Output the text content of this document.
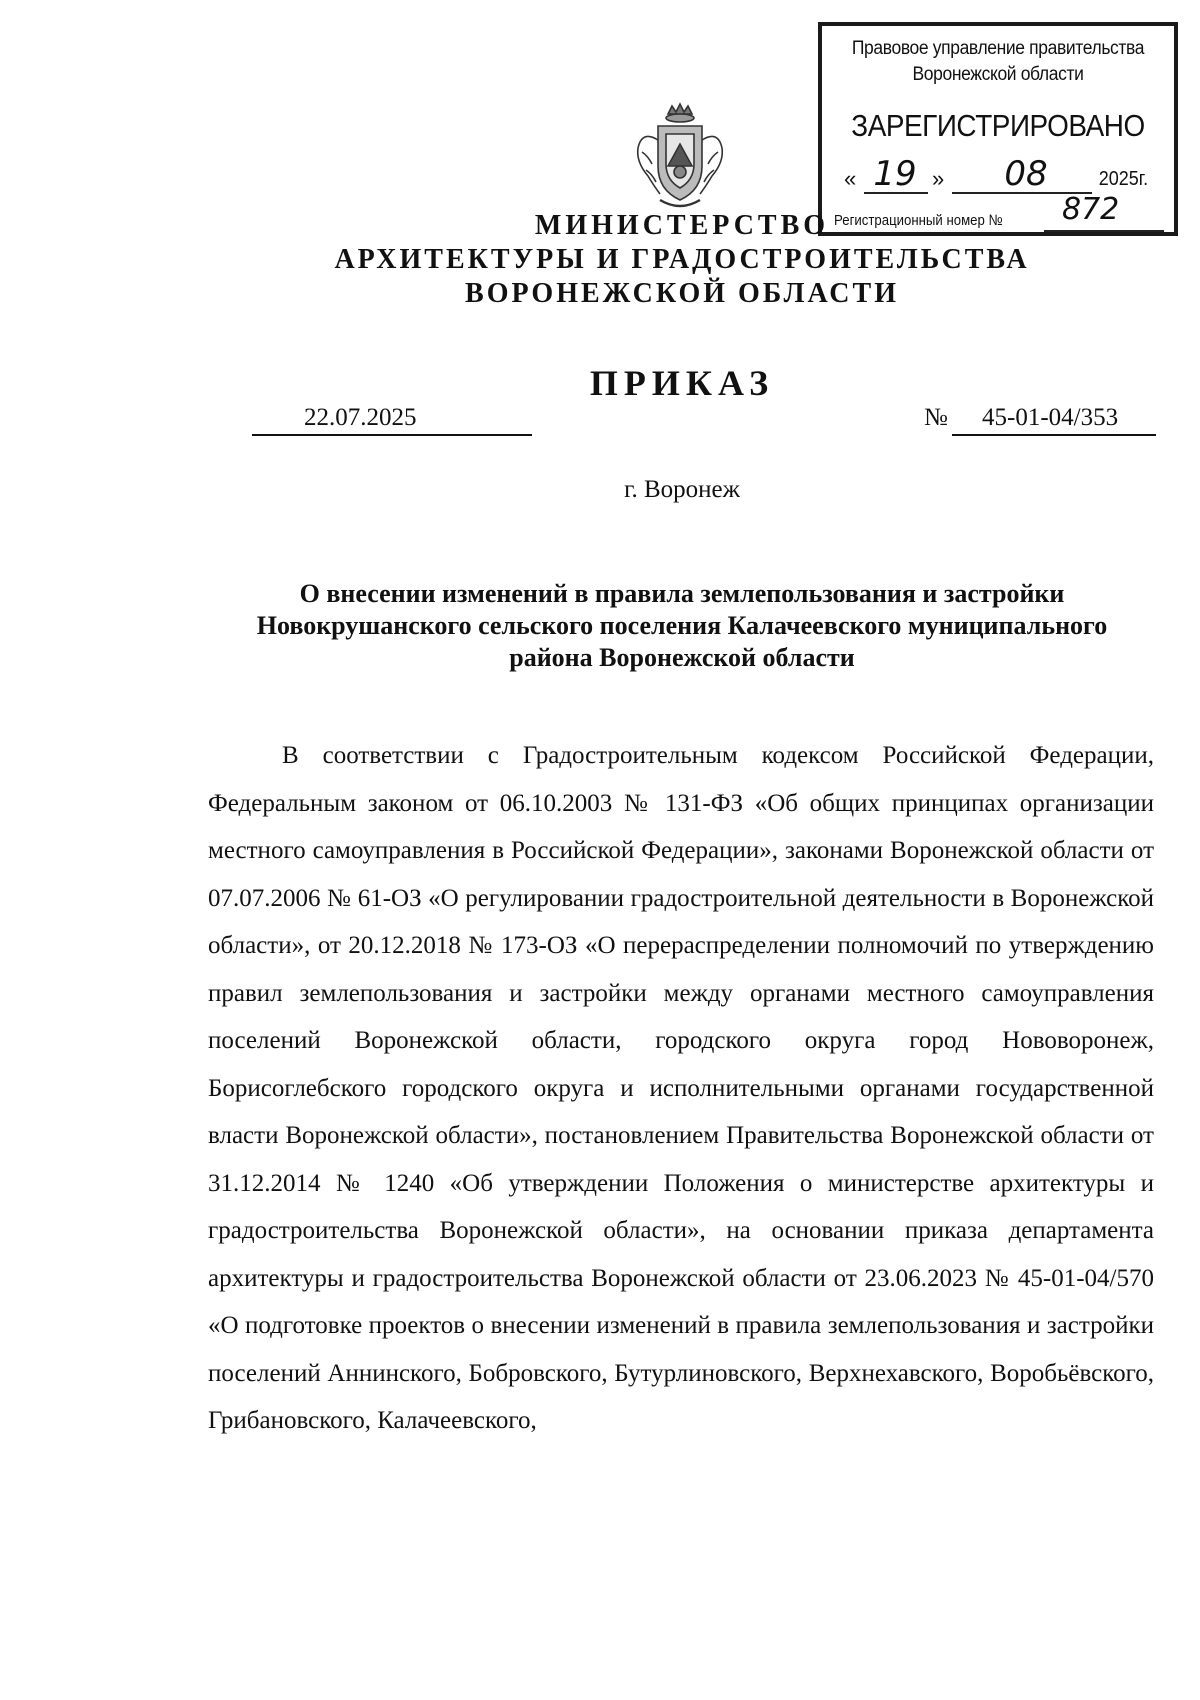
Правовое управление правительства Воронежской области
ЗАРЕГИСТРИРОВАНО
« 19 »	08	2025г.
Регистрационный номер № 872
МИНИСТЕРСТВО
АРХИТЕКТУРЫ И ГРАДОСТРОИТЕЛЬСТВА
ВОРОНЕЖСКОЙ ОБЛАСТИ
ПРИКАЗ
22.07.2025	№	45-01-04/353
г. Воронеж
О внесении изменений в правила землепользования и застройки Новокрушанского сельского поселения Калачеевского муниципального района Воронежской области
В соответствии с Градостроительным кодексом Российской Федерации, Федеральным законом от 06.10.2003 № 131-ФЗ «Об общих принципах организации местного самоуправления в Российской Федерации», законами Воронежской области от 07.07.2006 № 61-ОЗ «О регулировании градостроительной деятельности в Воронежской области», от 20.12.2018 № 173-ОЗ «О перераспределении полномочий по утверждению правил землепользования и застройки между органами местного самоуправления поселений Воронежской области, городского округа город Нововоронеж, Борисоглебского городского округа и исполнительными органами государственной власти Воронежской области», постановлением Правительства Воронежской области от 31.12.2014 № 1240 «Об утверждении Положения о министерстве архитектуры и градостроительства Воронежской области», на основании приказа департамента архитектуры и градостроительства Воронежской области от 23.06.2023 № 45-01-04/570 «О подготовке проектов о внесении изменений в правила землепользования и застройки поселений Аннинского, Бобровского, Бутурлиновского, Верхнехавского, Воробьёвского, Грибановского, Калачеевского,
